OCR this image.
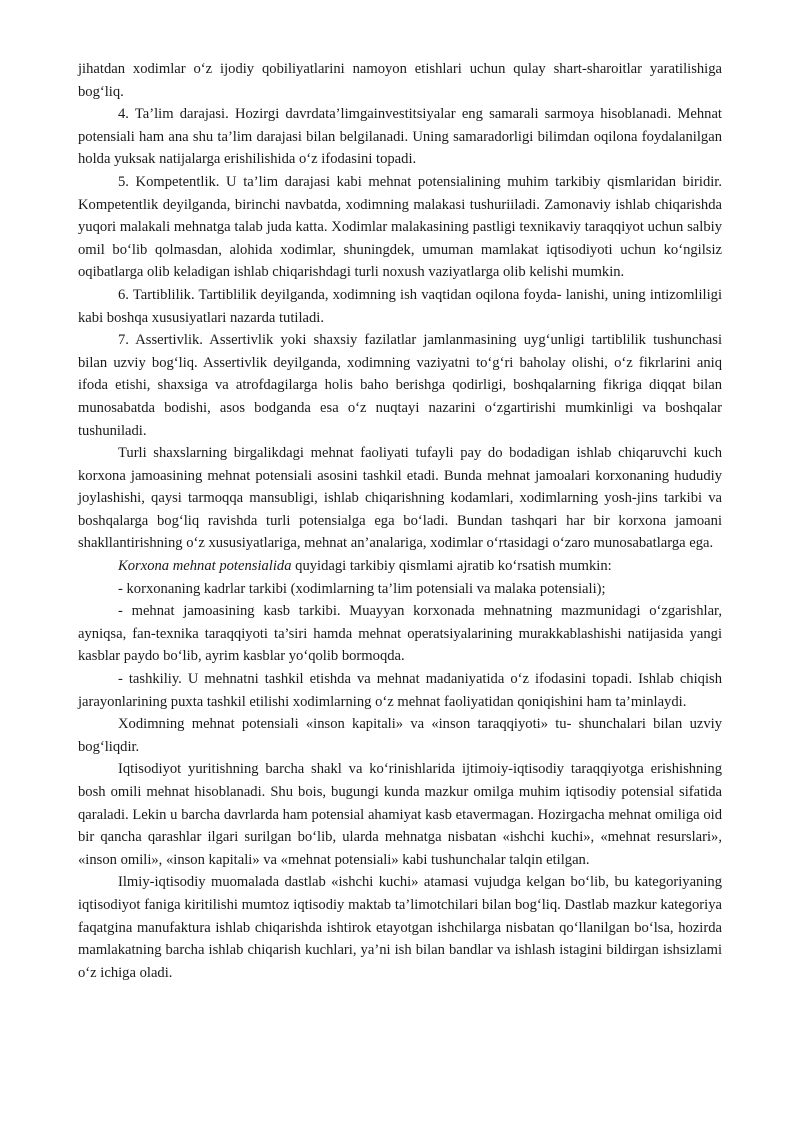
jihatdan xodimlar o‘z ijodiy qobiliyatlarini namoyon etishlari uchun qulay shart-sharoitlar yaratilishiga bog‘liq.

4. Ta’lim darajasi. Hozirgi davrdata’limgainvestitsiyalar eng samarali sarmoya hisoblanadi. Mehnat potensiali ham ana shu ta’lim darajasi bilan belgilanadi. Uning samaradorligi bilimdan oqilona foydalanilgan holda yuksak natijalarga erishilishida o‘z ifodasini topadi.

5. Kompetentlik. U ta’lim darajasi kabi mehnat potensialining muhim tarkibiy qismlaridan biridir. Kompetentlik deyilganda, birinchi navbatda, xodimning malakasi tushuriiladi. Zamonaviy ishlab chiqarishda yuqori malakali mehnatga talab juda katta. Xodimlar malakasining pastligi texnikaviy taraqqiyot uchun salbiy omil bo‘lib qolmasdan, alohida xodimlar, shuningdek, umuman mamlakat iqtisodiyoti uchun ko‘ngilsiz oqibatlarga olib keladigan ishlab chiqarishdagi turli noxush vaziyatlarga olib kelishi mumkin.

6. Tartiblilik. Tartiblilik deyilganda, xodimning ish vaqtidan oqilona foyda- lanishi, uning intizomliligi kabi boshqa xususiyatlari nazarda tutiladi.

7. Assertivlik. Assertivlik yoki shaxsiy fazilatlar jamlanmasining uyg‘unligi tartiblilik tushunchasi bilan uzviy bog‘liq. Assertivlik deyilganda, xodimning vaziyatni to‘g‘ri baholay olishi, o‘z fikrlarini aniq ifoda etishi, shaxsiga va atrofdagilarga holis baho berishga qodirligi, boshqalarning fikriga diqqat bilan munosabatda bodishi, asos bodganda esa o‘z nuqtayi nazarini o‘zgartirishi mumkinligi va boshqalar tushuniladi.

Turli shaxslarning birgalikdagi mehnat faoliyati tufayli pay do bodadigan ishlab chiqaruvchi kuch korxona jamoasining mehnat potensiali asosini tashkil etadi. Bunda mehnat jamoalari korxonaning hududiy joylashishi, qaysi tarmoqqa mansubligi, ishlab chiqarishning kodamlari, xodimlarning yosh-jins tarkibi va boshqalarga bog‘liq ravishda turli potensialga ega bo‘ladi. Bundan tashqari har bir korxona jamoani shakllantirishning o‘z xususiyatlariga, mehnat an’analariga, xodimlar o‘rtasidagi o‘zaro munosabatlarga ega.

Korxona mehnat potensialida quyidagi tarkibiy qismlami ajratib ko‘rsatish mumkin:

- korxonaning kadrlar tarkibi (xodimlarning ta’lim potensiali va malaka potensiali);

- mehnat jamoasining kasb tarkibi. Muayyan korxonada mehnatning mazmunidagi o‘zgarishlar, ayniqsa, fan-texnika taraqqiyoti ta’siri hamda mehnat operatsiyalarining murakkablashishi natijasida yangi kasblar paydo bo‘lib, ayrim kasblar yo‘qolib bormoqda.

- tashkiliy. U mehnatni tashkil etishda va mehnat madaniyatida o‘z ifodasini topadi. Ishlab chiqish jarayonlarining puxta tashkil etilishi xodimlarning o‘z mehnat faoliyatidan qoniqishini ham ta’minlaydi.

Xodimning mehnat potensiali «inson kapitali» va «inson taraqqiyoti» tu- shunchalari bilan uzviy bog‘liqdir.

Iqtisodiyot yuritishning barcha shakl va ko‘rinishlarida ijtimoiy-iqtisodiy taraqqiyotga erishishning bosh omili mehnat hisoblanadi. Shu bois, bugungi kunda mazkur omilga muhim iqtisodiy potensial sifatida qaraladi. Lekin u barcha davrlarda ham potensial ahamiyat kasb etavermagan. Hozirgacha mehnat omiliga oid bir qancha qarashlar ilgari surilgan bo‘lib, ularda mehnatga nisbatan «ishchi kuchi», «mehnat resurslari», «inson omili», «inson kapitali» va «mehnat potensiali» kabi tushunchalar talqin etilgan.

Ilmiy-iqtisodiy muomalada dastlab «ishchi kuchi» atamasi vujudga kelgan bo‘lib, bu kategoriyaning iqtisodiyot faniga kiritilishi mumtoz iqtisodiy maktab ta’limotchilari bilan bog‘liq. Dastlab mazkur kategoriya faqatgina manufaktura ishlab chiqarishda ishtirok etayotgan ishchilarga nisbatan qo‘llanilgan bo‘lsa, hozirda mamlakatning barcha ishlab chiqarish kuchlari, ya’ni ish bilan bandlar va ishlash istagini bildirgan ishsizlami o‘z ichiga oladi.
